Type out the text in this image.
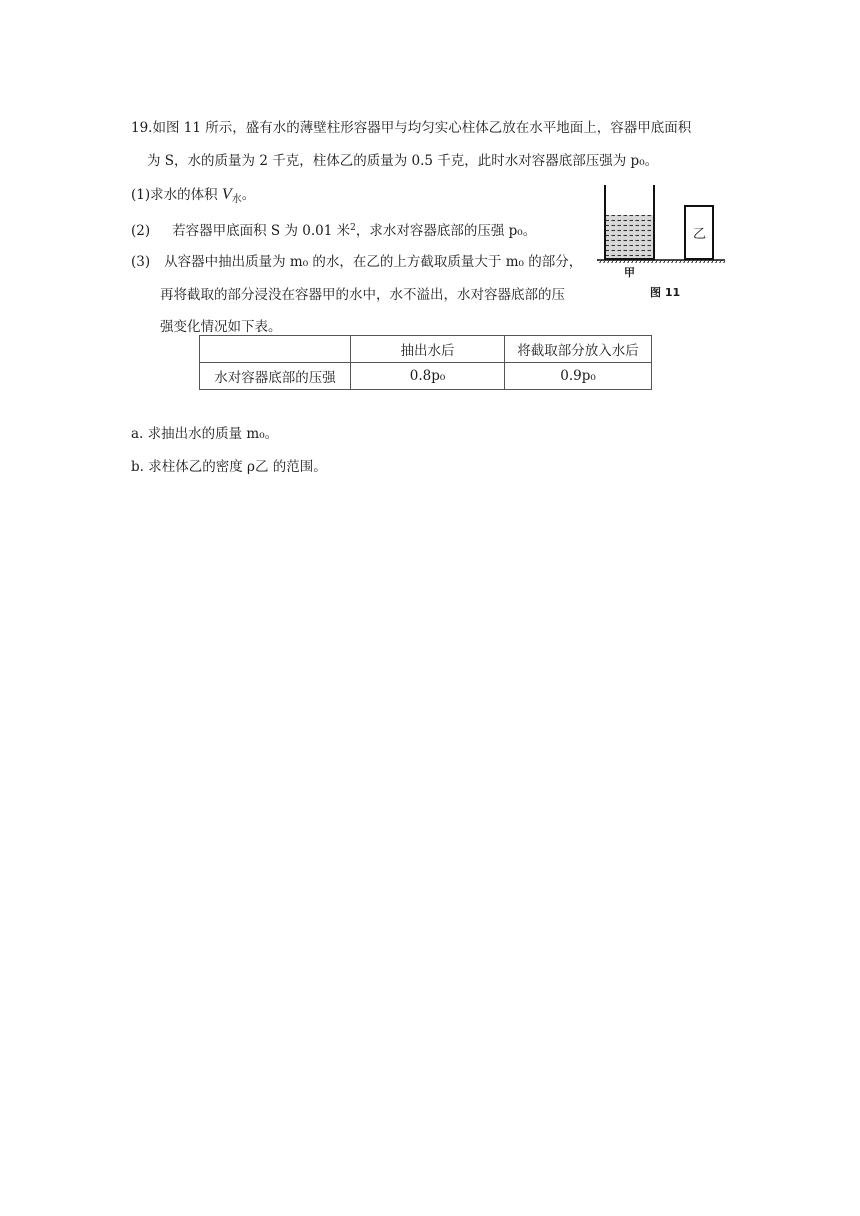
19.如图 11 所示，盛有水的薄壁柱形容器甲与均匀实心柱体乙放在水平地面上，容器甲底面积
为 S，水的质量为 2 千克，柱体乙的质量为 0.5 千克，此时水对容器底部压强为 p₀。
(1)求水的体积 $V_水$。
(2) 若容器甲底面积 S 为 0.01 米$^2$，求水对容器底部的压强 p₀。
(3) 从容器中抽出质量为 m₀ 的水，在乙的上方截取质量大于 m₀ 的部分，
再将截取的部分浸没在容器甲的水中，水不溢出，水对容器底部的压
强变化情况如下表。
	抽出水后	将截取部分放入水后
水对容器底部的压强	0.8p₀	0.9p₀
a. 求抽出水的质量 m₀。
b. 求柱体乙的密度 ρ乙 的范围。
乙
甲
图 11
